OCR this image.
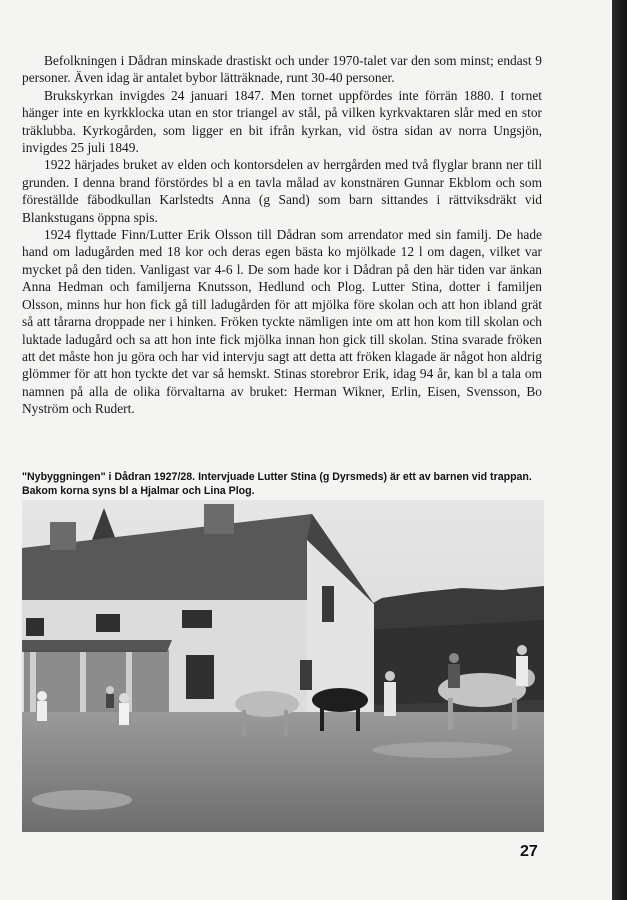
Befolkningen i Dådran minskade drastiskt och under 1970-talet var den som minst; endast 9 personer. Även idag är antalet bybor lätträknade, runt 30-40 personer.

Brukskyrkan invigdes 24 januari 1847. Men tornet uppfördes inte förrän 1880. I tornet hänger inte en kyrkklocka utan en stor triangel av stål, på vilken kyrkvaktaren slår med en stor träklubba. Kyrkogården, som ligger en bit ifrån kyrkan, vid östra sidan av norra Ungsjön, invigdes 25 juli 1849.

1922 härjades bruket av elden och kontorsdelen av herrgården med två flyglar brann ner till grunden. I denna brand förstördes bl a en tavla målad av konstnären Gunnar Ekblom och som föreställde fäbodkullan Karlstedts Anna (g Sand) som barn sittandes i rättviksdräkt vid Blankstugans öppna spis.

1924 flyttade Finn/Lutter Erik Olsson till Dådran som arrendator med sin familj. De hade hand om ladugården med 18 kor och deras egen bästa ko mjölkade 12 l om dagen, vilket var mycket på den tiden. Vanligast var 4-6 l. De som hade kor i Dådran på den här tiden var änkan Anna Hedman och familjerna Knutsson, Hedlund och Plog. Lutter Stina, dotter i familjen Olsson, minns hur hon fick gå till ladugården för att mjölka före skolan och att hon ibland grät så att tårarna droppade ner i hinken. Fröken tyckte nämligen inte om att hon kom till skolan och luktade ladugård och sa att hon inte fick mjölka innan hon gick till skolan. Stina svarade fröken att det måste hon ju göra och har vid intervju sagt att detta att fröken klagade är något hon aldrig glömmer för att hon tyckte det var så hemskt. Stinas storebror Erik, idag 94 år, kan bl a tala om namnen på alla de olika förvaltarna av bruket: Herman Wikner, Erlin, Eisen, Svensson, Bo Nyström och Rudert.

"Nybyggningen" i Dådran 1927/28. Intervjuade Lutter Stina (g Dyrsmeds) är ett av barnen vid trappan. Bakom korna syns bl a Hjalmar och Lina Plog.
27
